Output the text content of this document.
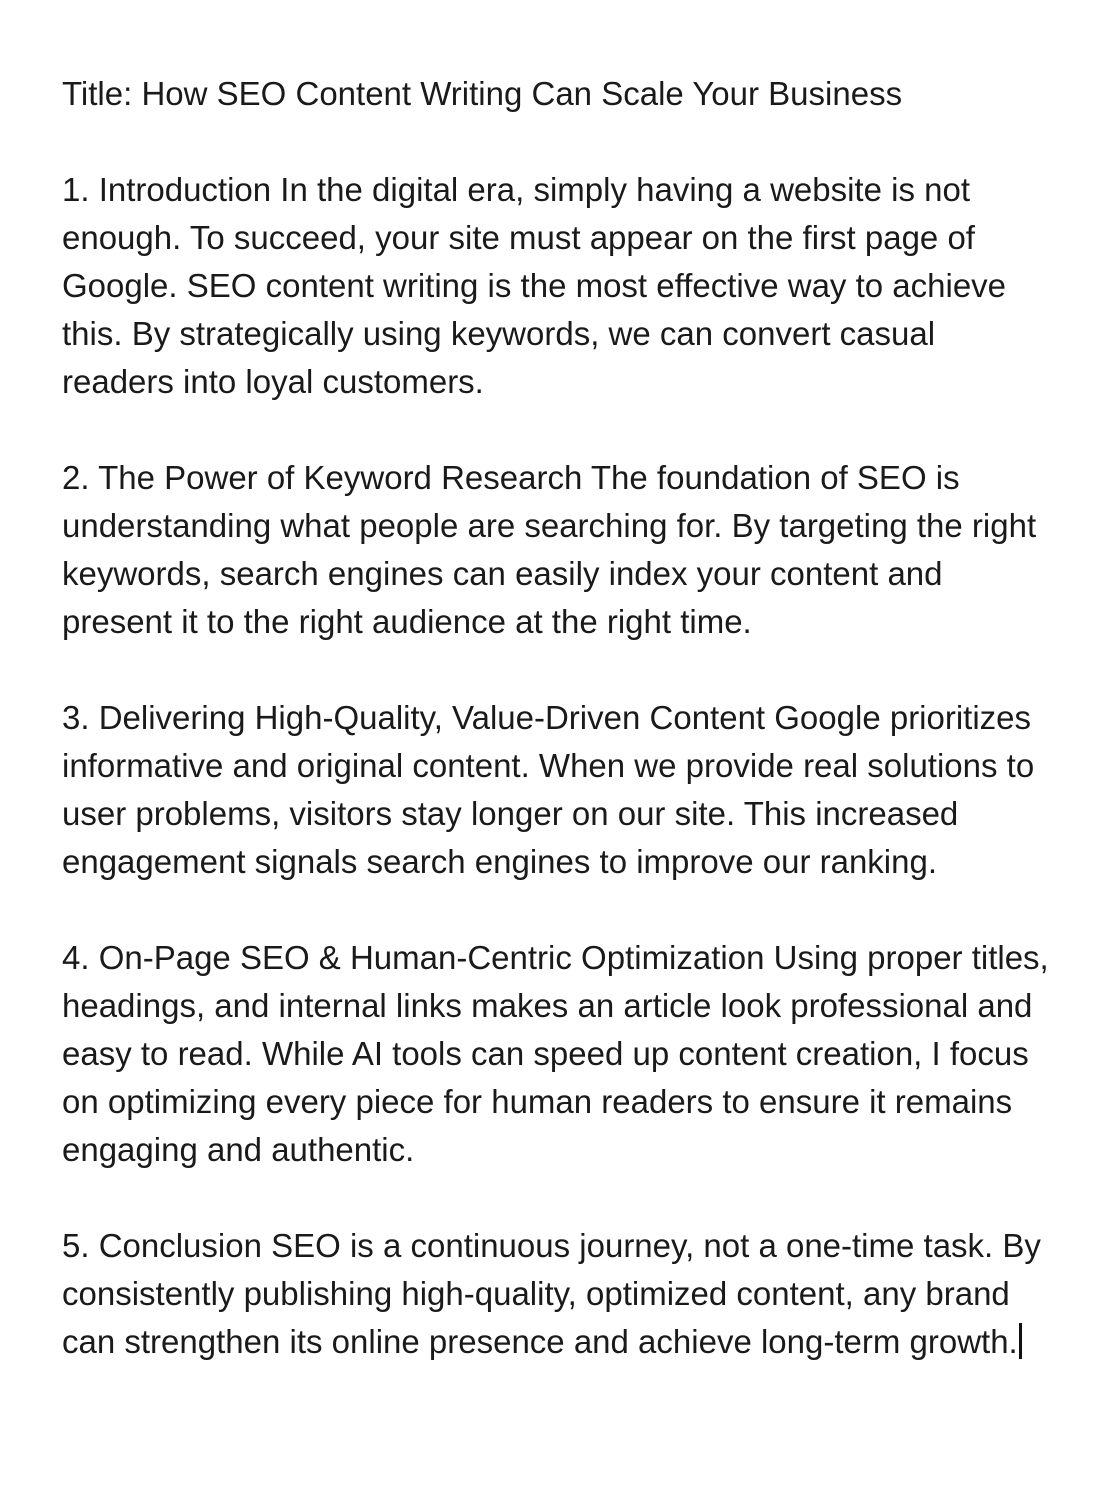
Title: How SEO Content Writing Can Scale Your Business

1. Introduction In the digital era, simply having a website is not enough. To succeed, your site must appear on the first page of Google. SEO content writing is the most effective way to achieve this. By strategically using keywords, we can convert casual readers into loyal customers.

2. The Power of Keyword Research The foundation of SEO is understanding what people are searching for. By targeting the right keywords, search engines can easily index your content and present it to the right audience at the right time.

3. Delivering High-Quality, Value-Driven Content Google prioritizes informative and original content. When we provide real solutions to user problems, visitors stay longer on our site. This increased engagement signals search engines to improve our ranking.

4. On-Page SEO & Human-Centric Optimization Using proper titles, headings, and internal links makes an article look professional and easy to read. While AI tools can speed up content creation, I focus on optimizing every piece for human readers to ensure it remains engaging and authentic.

5. Conclusion SEO is a continuous journey, not a one-time task. By consistently publishing high-quality, optimized content, any brand can strengthen its online presence and achieve long-term growth.
